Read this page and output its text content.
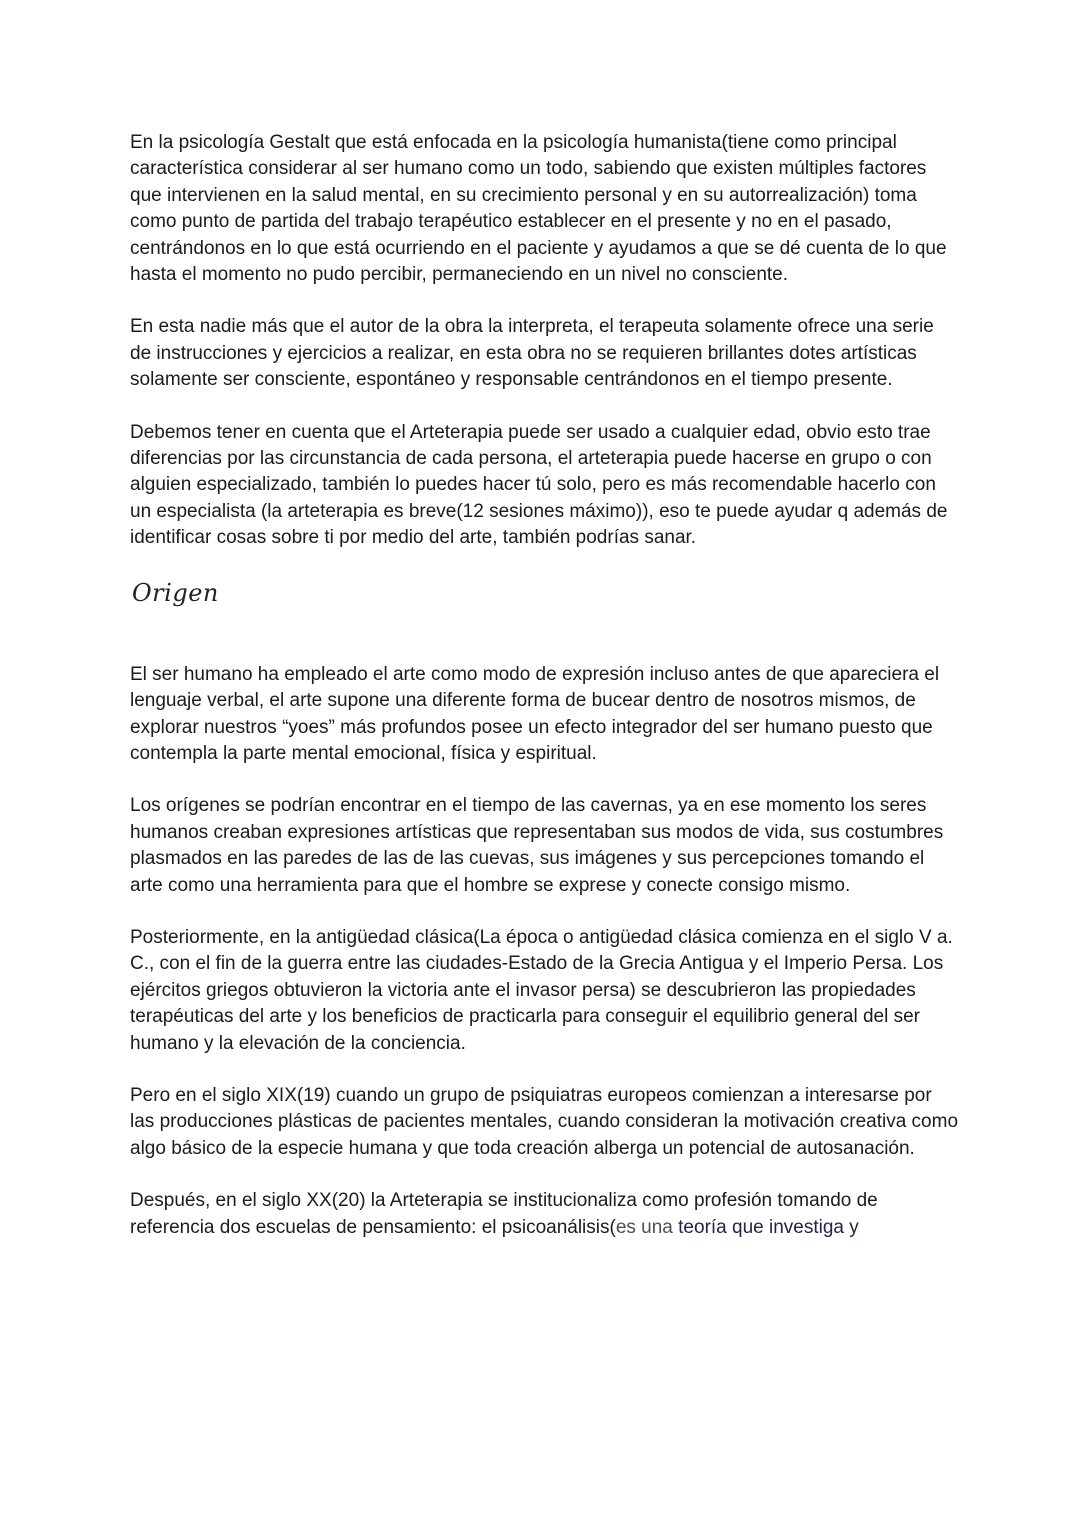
En la psicología Gestalt que está enfocada en la psicología humanista(tiene como principal característica considerar al ser humano como un todo, sabiendo que existen múltiples factores que intervienen en la salud mental, en su crecimiento personal y en su autorrealización) toma como punto de partida del trabajo terapéutico establecer en el presente y no en el pasado, centrándonos en lo que está ocurriendo en el paciente y ayudamos a que se dé cuenta de lo que hasta el momento no pudo percibir, permaneciendo en un nivel no consciente.

En esta nadie más que el autor de la obra la interpreta, el terapeuta solamente ofrece una serie de instrucciones y ejercicios a realizar, en esta obra no se requieren brillantes dotes artísticas solamente ser consciente, espontáneo y responsable centrándonos en el tiempo presente.

Debemos tener en cuenta que el Arteterapia puede ser usado a cualquier edad, obvio esto trae diferencias por las circunstancia de cada persona, el arteterapia puede hacerse en grupo o con alguien especializado, también lo puedes hacer tú solo, pero es más recomendable hacerlo con un especialista (la arteterapia es breve(12 sesiones máximo)), eso te puede ayudar q además de identificar cosas sobre ti por medio del arte, también podrías sanar.

Origen

El ser humano ha empleado el arte como modo de expresión incluso antes de que apareciera el lenguaje verbal, el arte supone una diferente forma de bucear dentro de nosotros mismos, de explorar nuestros “yoes” más profundos posee un efecto integrador del ser humano puesto que contempla la parte mental emocional, física y espiritual.

Los orígenes se podrían encontrar en el tiempo de las cavernas, ya en ese momento los seres humanos creaban expresiones artísticas que representaban sus modos de vida, sus costumbres plasmados en las paredes de las de las cuevas, sus imágenes y sus percepciones tomando el arte como una herramienta para que el hombre se exprese y conecte consigo mismo.

Posteriormente, en la antigüedad clásica(La época o antigüedad clásica comienza en el siglo V a. C., con el fin de la guerra entre las ciudades-Estado de la Grecia Antigua y el Imperio Persa. Los ejércitos griegos obtuvieron la victoria ante el invasor persa) se descubrieron las propiedades terapéuticas del arte y los beneficios de practicarla para conseguir el equilibrio general del ser humano y la elevación de la conciencia.

Pero en el siglo XIX(19) cuando un grupo de psiquiatras europeos comienzan a interesarse por las producciones plásticas de pacientes mentales, cuando consideran la motivación creativa como algo básico de la especie humana y que toda creación alberga un potencial de autosanación.

Después, en el siglo XX(20) la Arteterapia se institucionaliza como profesión tomando de referencia dos escuelas de pensamiento: el psicoanálisis(es una teoría que investiga y
